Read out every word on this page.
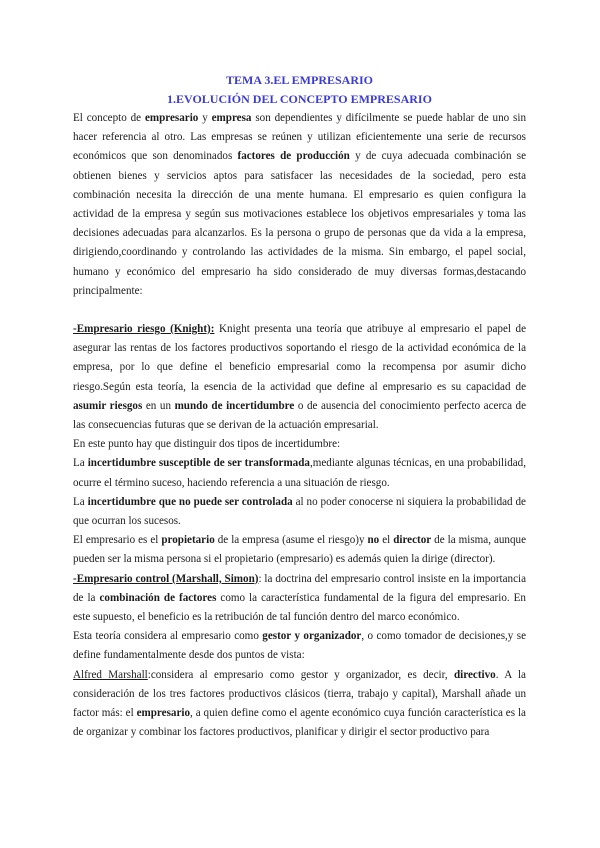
TEMA 3.EL EMPRESARIO
1.EVOLUCIÓN DEL CONCEPTO EMPRESARIO

El concepto de empresario y empresa son dependientes y difícilmente se puede hablar de uno sin hacer referencia al otro. Las empresas se reúnen y utilizan eficientemente una serie de recursos económicos que son denominados factores de producción y de cuya adecuada combinación se obtienen bienes y servicios aptos para satisfacer las necesidades de la sociedad, pero esta combinación necesita la dirección de una mente humana. El empresario es quien configura la actividad de la empresa y según sus motivaciones establece los objetivos empresariales y toma las decisiones adecuadas para alcanzarlos. Es la persona o grupo de personas que da vida a la empresa, dirigiendo,coordinando y controlando las actividades de la misma. Sin embargo, el papel social, humano y económico del empresario ha sido considerado de muy diversas formas,destacando principalmente:

-Empresario riesgo (Knight): Knight presenta una teoría que atribuye al empresario el papel de asegurar las rentas de los factores productivos soportando el riesgo de la actividad económica de la empresa, por lo que define el beneficio empresarial como la recompensa por asumir dicho riesgo.Según esta teoría, la esencia de la actividad que define al empresario es su capacidad de asumir riesgos en un mundo de incertidumbre o de ausencia del conocimiento perfecto acerca de las consecuencias futuras que se derivan de la actuación empresarial.

En este punto hay que distinguir dos tipos de incertidumbre:

La incertidumbre susceptible de ser transformada,mediante algunas técnicas, en una probabilidad, ocurre el término suceso, haciendo referencia a una situación de riesgo.

La incertidumbre que no puede ser controlada al no poder conocerse ni siquiera la probabilidad de que ocurran los sucesos.

El empresario es el propietario de la empresa (asume el riesgo)y no el director de la misma, aunque pueden ser la misma persona si el propietario (empresario) es además quien la dirige (director).

-Empresario control (Marshall, Simon): la doctrina del empresario control insiste en la importancia de la combinación de factores como la característica fundamental de la figura del empresario. En este supuesto, el beneficio es la retribución de tal función dentro del marco económico.

Esta teoría considera al empresario como gestor y organizador, o como tomador de decisiones,y se define fundamentalmente desde dos puntos de vista:

Alfred Marshall:considera al empresario como gestor y organizador, es decir, directivo. A la consideración de los tres factores productivos clásicos (tierra, trabajo y capital), Marshall añade un factor más: el empresario, a quien define como el agente económico cuya función característica es la de organizar y combinar los factores productivos, planificar y dirigir el sector productivo para
